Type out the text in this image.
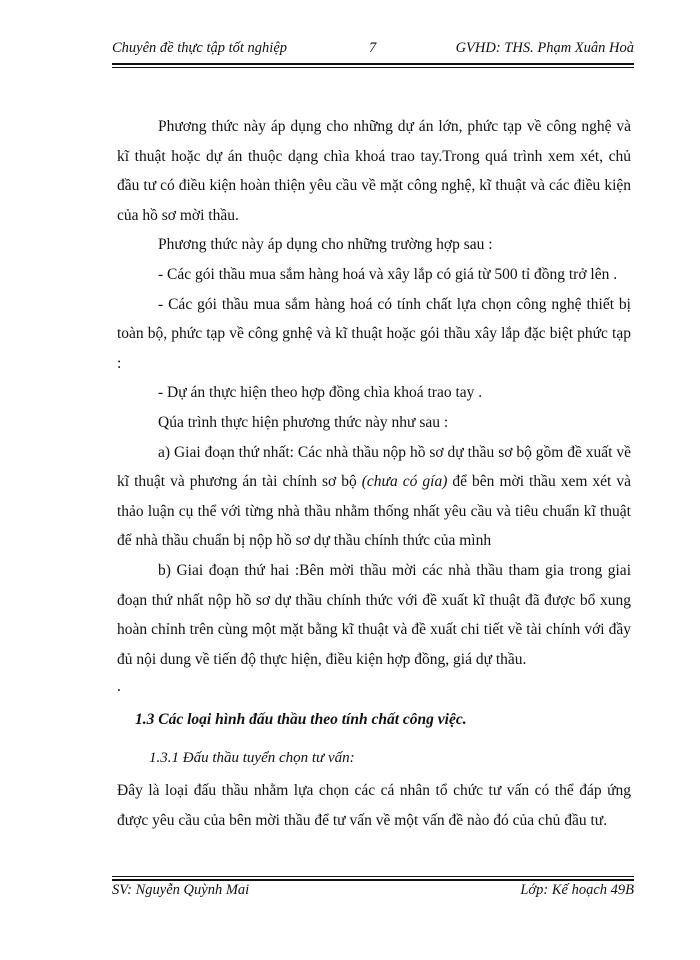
Chuyên đề thực tập tốt nghiệp	7	GVHD: THS. Phạm Xuân Hoà

Phương thức này áp dụng cho những dự án lớn, phức tạp về công nghệ và kĩ thuật hoặc dự án thuộc dạng chìa khoá trao tay.Trong quá trình xem xét, chủ đầu tư có điều kiện hoàn thiện yêu cầu về mặt công nghệ, kĩ thuật và các điều kiện của hồ sơ mời thầu.

Phương thức này áp dụng cho những trường hợp sau :

- Các gói thầu mua sắm hàng hoá và xây lắp có giá từ 500 tỉ đồng trở lên .

- Các gói thầu mua sắm hàng hoá có tính chất lựa chọn công nghệ thiết bị toàn bộ, phức tạp về công gnhệ và kĩ thuật hoặc gói thầu xây lắp đặc biệt phức tạp :

- Dự án thực hiện theo hợp đồng chìa khoá trao tay .

Qúa trình thực hiện phương thức này như sau :

a) Giai đoạn thứ nhất: Các nhà thầu nộp hồ sơ dự thầu sơ bộ gồm đề xuất về kĩ thuật và phương án tài chính sơ bộ (chưa có gía) để bên mời thầu xem xét và thảo luận cụ thể với từng nhà thầu nhằm thống nhất yêu cầu và tiêu chuẩn kĩ thuật để nhà thầu chuẩn bị nộp hồ sơ dự thầu chính thức của mình

b) Giai đoạn thứ hai :Bên mời thầu mời các nhà thầu tham gia trong giai đoạn thứ nhất nộp hồ sơ dự thầu chính thức với đề xuất kĩ thuật đã được bổ xung hoàn chỉnh trên cùng một mặt bằng kĩ thuật và đề xuất chi tiết về tài chính với đầy đủ nội dung về tiến độ thực hiện, điều kiện hợp đồng, giá dự thầu.

.

1.3 Các loại hình đấu thầu theo tính chất công việc.
1.3.1 Đấu thầu tuyển chọn tư vấn:

Đây là loại đấu thầu nhằm lựa chọn các cá nhân tổ chức tư vấn có thể đáp ứng được yêu cầu của bên mời thầu để tư vấn về một vấn đề nào đó của chủ đầu tư.

SV: Nguyễn Quỳnh Mai	Lớp: Kế hoạch 49B
